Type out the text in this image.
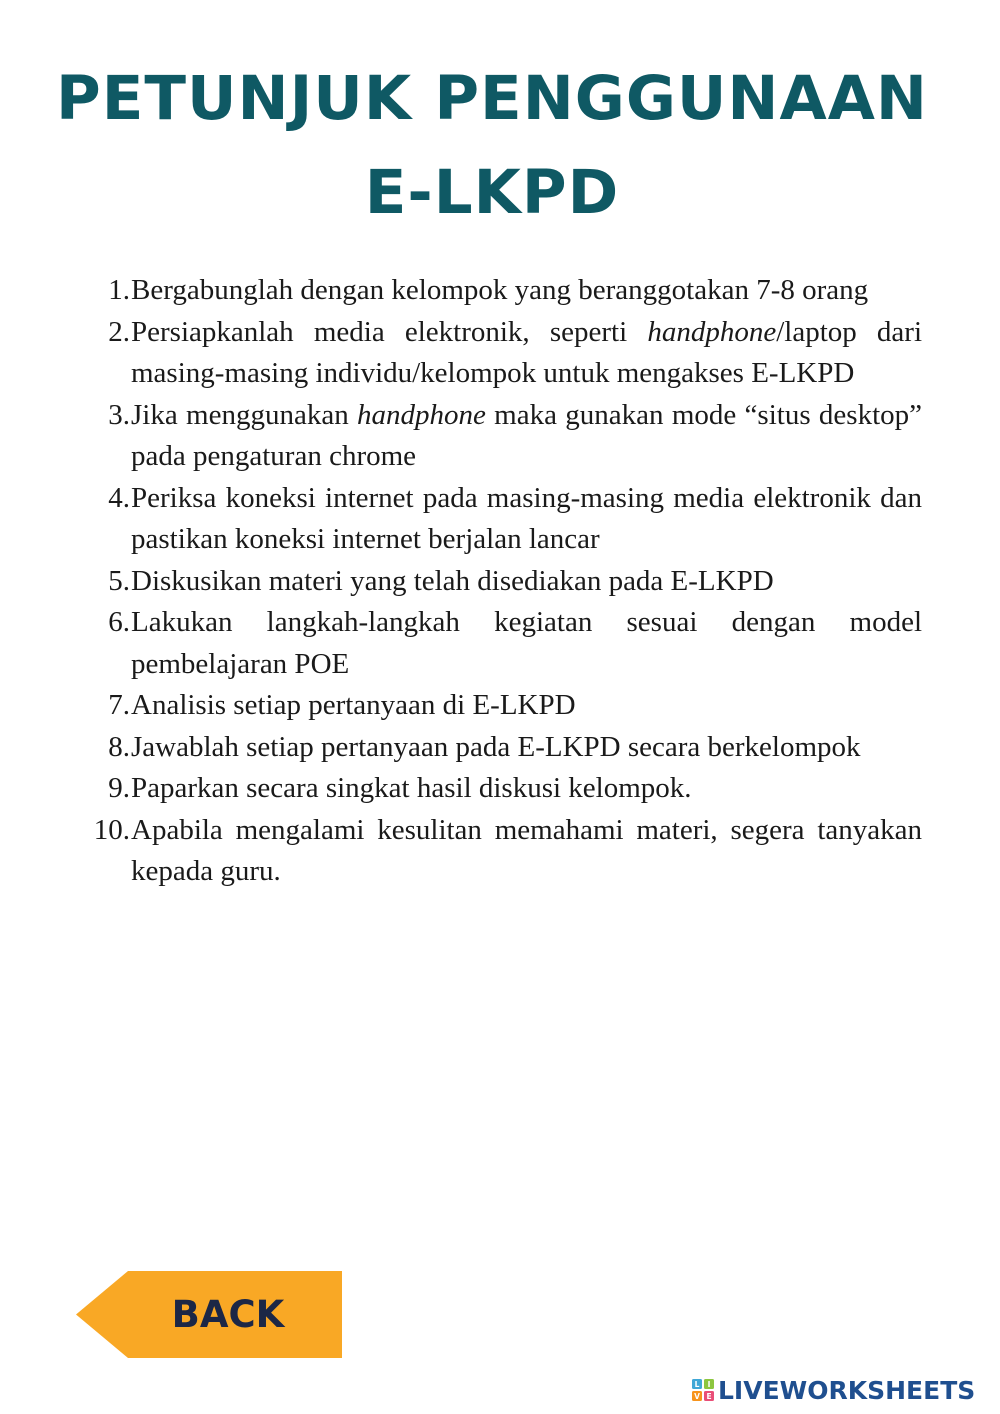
PETUNJUK PENGGUNAAN
E-LKPD
1. Bergabunglah dengan kelompok yang beranggotakan 7-8 orang
2. Persiapkanlah media elektronik, seperti handphone/laptop dari masing-masing individu/kelompok untuk mengakses E-LKPD
3. Jika menggunakan handphone maka gunakan mode “situs desktop” pada pengaturan chrome
4. Periksa koneksi internet pada masing-masing media elektronik dan pastikan koneksi internet berjalan lancar
5. Diskusikan materi yang telah disediakan pada E-LKPD
6. Lakukan langkah-langkah kegiatan sesuai dengan model pembelajaran POE
7. Analisis setiap pertanyaan di E-LKPD
8. Jawablah setiap pertanyaan pada E-LKPD secara berkelompok
9. Paparkan secara singkat hasil diskusi kelompok.
10. Apabila mengalami kesulitan memahami materi, segera tanyakan kepada guru.
BACK
L I
V E LIVEWORKSHEETS
